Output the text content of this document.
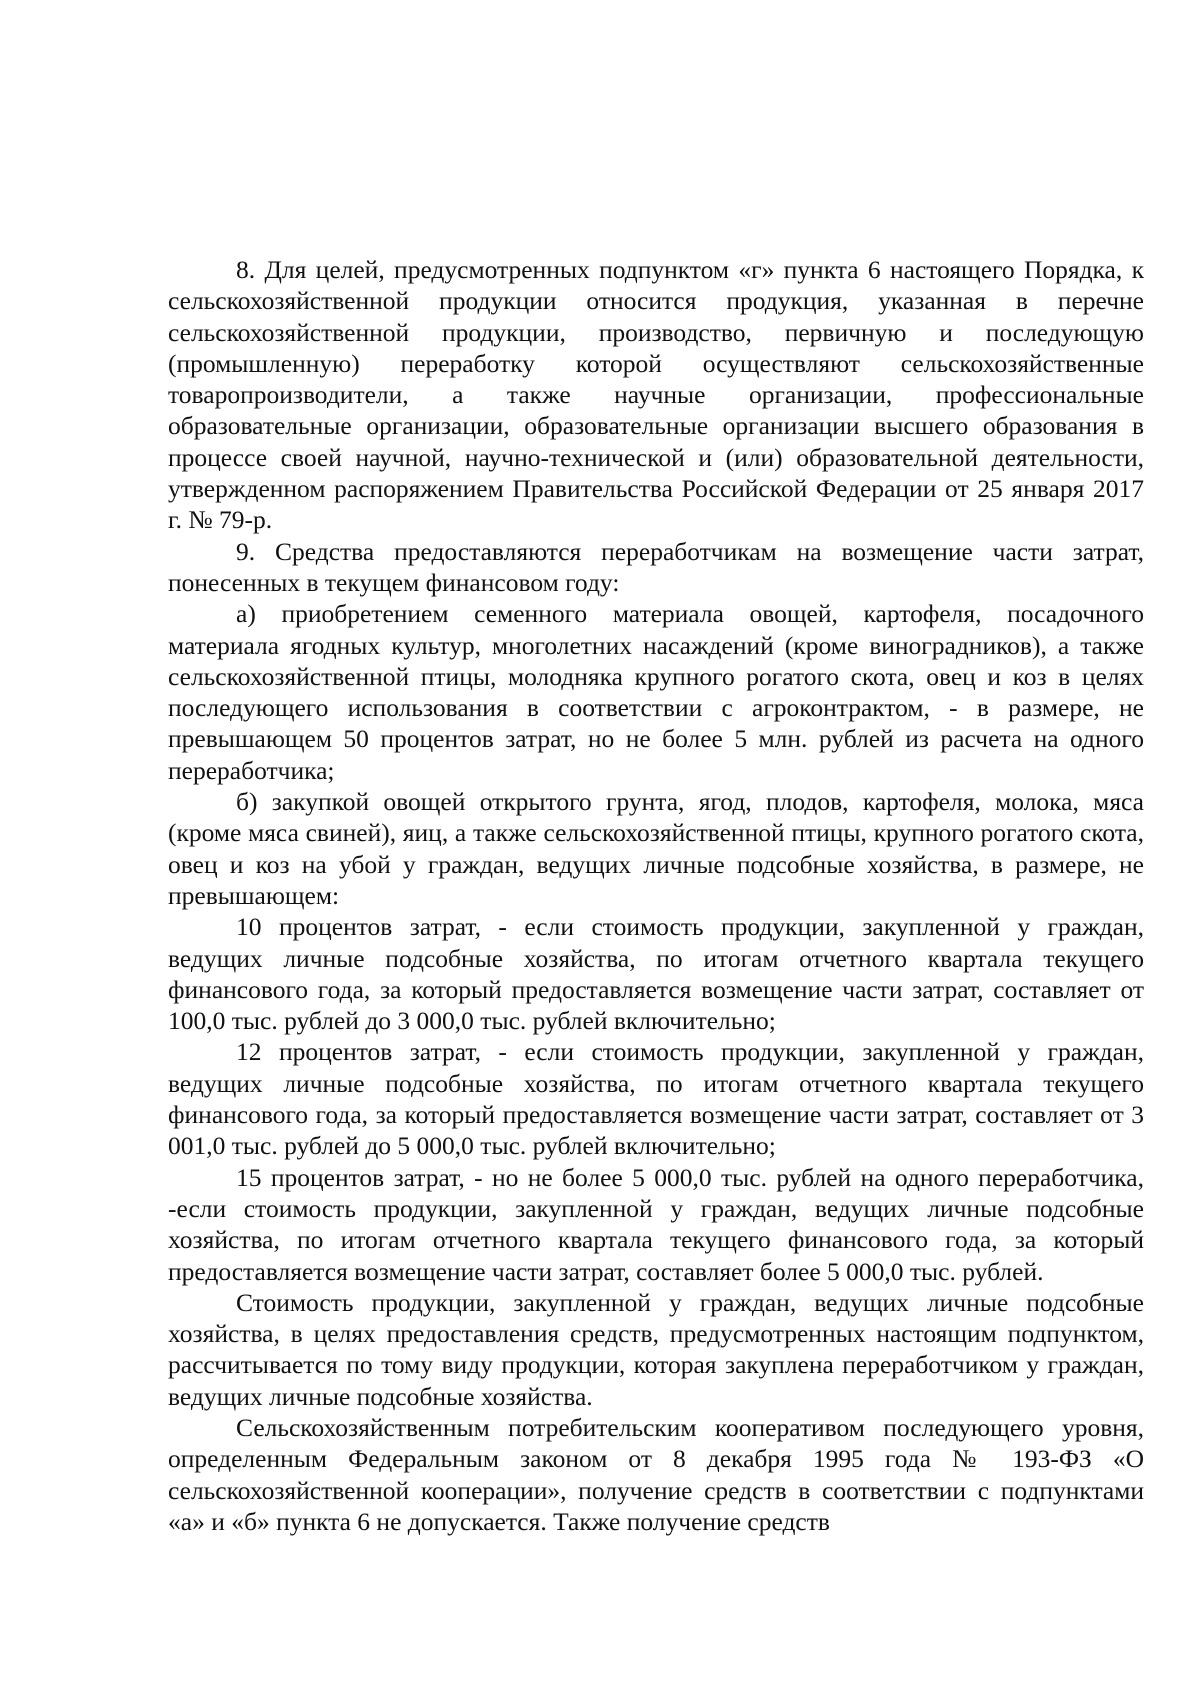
8. Для целей, предусмотренных подпунктом «г» пункта 6 настоящего Порядка, к сельскохозяйственной продукции относится продукция, указанная в перечне сельскохозяйственной продукции, производство, первичную и последующую (промышленную) переработку которой осуществляют сельскохозяйственные товаропроизводители, а также научные организации, профессиональные образовательные организации, образовательные организации высшего образования в процессе своей научной, научно-технической и (или) образовательной деятельности, утвержденном распоряжением Правительства Российской Федерации от 25 января 2017 г. № 79-р.

9. Средства предоставляются переработчикам на возмещение части затрат, понесенных в текущем финансовом году:

а) приобретением семенного материала овощей, картофеля, посадочного материала ягодных культур, многолетних насаждений (кроме виноградников), а также сельскохозяйственной птицы, молодняка крупного рогатого скота, овец и коз в целях последующего использования в соответствии с агроконтрактом, - в размере, не превышающем 50 процентов затрат, но не более 5 млн. рублей из расчета на одного переработчика;

б) закупкой овощей открытого грунта, ягод, плодов, картофеля, молока, мяса (кроме мяса свиней), яиц, а также сельскохозяйственной птицы, крупного рогатого скота, овец и коз на убой у граждан, ведущих личные подсобные хозяйства, в размере, не превышающем:

10 процентов затрат, - если стоимость продукции, закупленной у граждан, ведущих личные подсобные хозяйства, по итогам отчетного квартала текущего финансового года, за который предоставляется возмещение части затрат, составляет от 100,0 тыс. рублей до 3 000,0 тыс. рублей включительно;

12 процентов затрат, - если стоимость продукции, закупленной у граждан, ведущих личные подсобные хозяйства, по итогам отчетного квартала текущего финансового года, за который предоставляется возмещение части затрат, составляет от 3 001,0 тыс. рублей до 5 000,0 тыс. рублей включительно;

15 процентов затрат, - но не более 5 000,0 тыс. рублей на одного переработчика, -если стоимость продукции, закупленной у граждан, ведущих личные подсобные хозяйства, по итогам отчетного квартала текущего финансового года, за который предоставляется возмещение части затрат, составляет более 5 000,0 тыс. рублей.

Стоимость продукции, закупленной у граждан, ведущих личные подсобные хозяйства, в целях предоставления средств, предусмотренных настоящим подпунктом, рассчитывается по тому виду продукции, которая закуплена переработчиком у граждан, ведущих личные подсобные хозяйства.

Сельскохозяйственным потребительским кооперативом последующего уровня, определенным Федеральным законом от 8 декабря 1995 года № 193-ФЗ «О сельскохозяйственной кооперации», получение средств в соответствии с подпунктами «а» и «б» пункта 6 не допускается. Также получение средств
